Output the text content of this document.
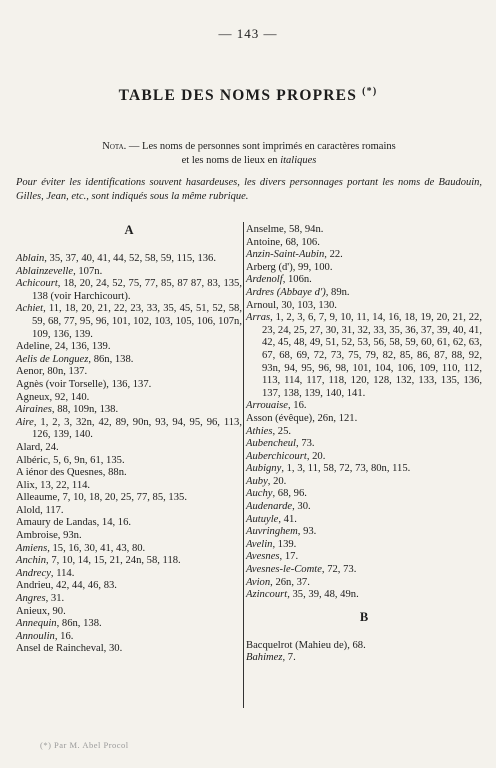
— 143 —
TABLE DES NOMS PROPRES (*)
Nota. — Les noms de personnes sont imprimés en caractères romains
et les noms de lieux en italiques
Pour éviter les identifications souvent hasardeuses, les divers personnages portant les noms de Baudouin, Gilles, Jean, etc., sont indiqués sous la même rubrique.
A

Ablain, 35, 37, 40, 41, 44, 52, 58, 59, 115, 136.

Ablainzevelle, 107n.

Achicourt, 18, 20, 24, 52, 75, 77, 85, 87 87, 83, 135, 138 (voir Harchicourt).

Achiet, 11, 18, 20, 21, 22, 23, 33, 35, 45, 51, 52, 58, 59, 68, 77, 95, 96, 101, 102, 103, 105, 106, 107n, 109, 136, 139.

Adeline, 24, 136, 139.

Aelis de Longuez, 86n, 138.

Aenor, 80n, 137.

Agnès (voir Torselle), 136, 137.

Agneux, 92, 140.

Airaines, 88, 109n, 138.

Aire, 1, 2, 3, 32n, 42, 89, 90n, 93, 94, 95, 96, 113, 126, 139, 140.

Alard, 24.

Albéric, 5, 6, 9n, 61, 135.

A iénor des Quesnes, 88n.

Alix, 13, 22, 114.

Alleaume, 7, 10, 18, 20, 25, 77, 85, 135.

Alold, 117.

Amaury de Landas, 14, 16.

Ambroise, 93n.

Amiens, 15, 16, 30, 41, 43, 80.

Anchin, 7, 10, 14, 15, 21, 24n, 58, 118.

Andrecy, 114.

Andrieu, 42, 44, 46, 83.

Angres, 31.

Anieux, 90.

Annequin, 86n, 138.

Annoulin, 16.

Ansel de Raincheval, 30.

Anselme, 58, 94n.

Antoine, 68, 106.

Anzin-Saint-Aubin, 22.

Arberg (d'), 99, 100.

Ardenolf, 106n.

Ardres (Abbaye d'), 89n.

Arnoul, 30, 103, 130.

Arras, 1, 2, 3, 6, 7, 9, 10, 11, 14, 16, 18, 19, 20, 21, 22, 23, 24, 25, 27, 30, 31, 32, 33, 35, 36, 37, 39, 40, 41, 42, 45, 48, 49, 51, 52, 53, 56, 58, 59, 60, 61, 62, 63, 67, 68, 69, 72, 73, 75, 79, 82, 85, 86, 87, 88, 92, 93n, 94, 95, 96, 98, 101, 104, 106, 109, 110, 112, 113, 114, 117, 118, 120, 128, 132, 133, 135, 136, 137, 138, 139, 140, 141.

Arrouaise, 16.

Asson (évêque), 26n, 121.

Athies, 25.

Aubencheul, 73.

Auberchicourt, 20.

Aubigny, 1, 3, 11, 58, 72, 73, 80n, 115.

Auby, 20.

Auchy, 68, 96.

Audenarde, 30.

Autuyle, 41.

Auvringhem, 93.

Avelin, 139.

Avesnes, 17.

Avesnes-le-Comte, 72, 73.

Avion, 26n, 37.

Azincourt, 35, 39, 48, 49n.

B

Bacquelrot (Mahieu de), 68.

Bahimez, 7.

(*) Par M. Abel Procol
